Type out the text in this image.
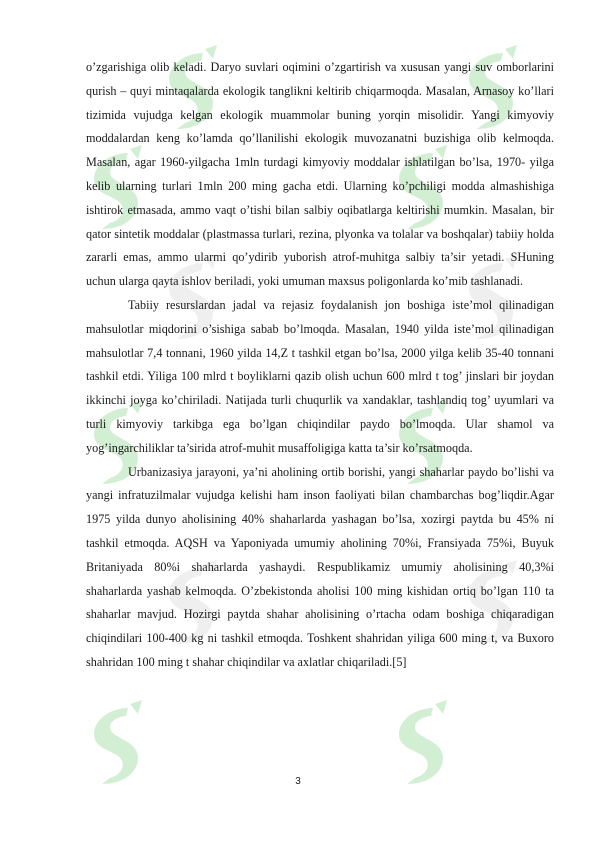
o’zgarishiga olib keladi. Daryo suvlari oqimini o’zgartirish va xususan yangi suv omborlarini qurish – quyi mintaqalarda ekologik tanglikni keltirib chiqarmoqda. Masalan, Arnasoy ko’llari tizimida vujudga kelgan ekologik muammolar buning yorqin misolidir. Yangi kimyoviy moddalardan keng ko’lamda qo’llanilishi ekologik muvozanatni buzishiga olib kelmoqda. Masalan, agar 1960-yilgacha 1mln turdagi kimyoviy moddalar ishlatilgan bo’lsa, 1970- yilga kelib ularning turlari 1mln 200 ming gacha etdi. Ularning ko’pchiligi modda almashishiga ishtirok etmasada, ammo vaqt o’tishi bilan salbiy oqibatlarga keltirishi mumkin. Masalan, bir qator sintetik moddalar (plastmassa turlari, rezina, plyonka va tolalar va boshqalar) tabiiy holda zararli emas, ammo ularmi qo’ydirib yuborish atrof-muhitga salbiy ta’sir yetadi. SHuning uchun ularga qayta ishlov beriladi, yoki umuman maxsus poligonlarda ko’mib tashlanadi.

Tabiiy resurslardan jadal va rejasiz foydalanish jon boshiga iste’mol qilinadigan mahsulotlar miqdorini o’sishiga sabab bo’lmoqda. Masalan, 1940 yilda iste’mol qilinadigan mahsulotlar 7,4 tonnani, 1960 yilda 14,Z t tashkil etgan bo’lsa, 2000 yilga kelib 35-40 tonnani tashkil etdi. Yiliga 100 mlrd t boyliklarni qazib olish uchun 600 mlrd t tog’ jinslari bir joydan ikkinchi joyga ko’chiriladi. Natijada turli chuqurlik va xandaklar, tashlandiq tog’ uyumlari va turli kimyoviy tarkibga ega bo’lgan chiqindilar paydo bo’lmoqda. Ular shamol va yog’ingarchiliklar ta’sirida atrof-muhit musaffoligiga katta ta’sir ko’rsatmoqda.

Urbanizasiya jarayoni, ya’ni aholining ortib borishi, yangi shaharlar paydo bo’lishi va yangi infratuzilmalar vujudga kelishi ham inson faoliyati bilan chambarchas bog’liqdir.Agar 1975 yilda dunyo aholisining 40% shaharlarda yashagan bo’lsa, xozirgi paytda bu 45% ni tashkil etmoqda. AQSH va Yaponiyada umumiy aholining 70%i, Fransiyada 75%i, Buyuk Britaniyada 80%i shaharlarda yashaydi. Respublikamiz umumiy aholisining 40,3%i shaharlarda yashab kelmoqda. O’zbekistonda aholisi 100 ming kishidan ortiq bo’lgan 110 ta shaharlar mavjud. Hozirgi paytda shahar aholisining o’rtacha odam boshiga chiqaradigan chiqindilari 100-400 kg ni tashkil etmoqda. Toshkent shahridan yiliga 600 ming t, va Buxoro shahridan 100 ming t shahar chiqindilar va axlatlar chiqariladi.[5]

3
